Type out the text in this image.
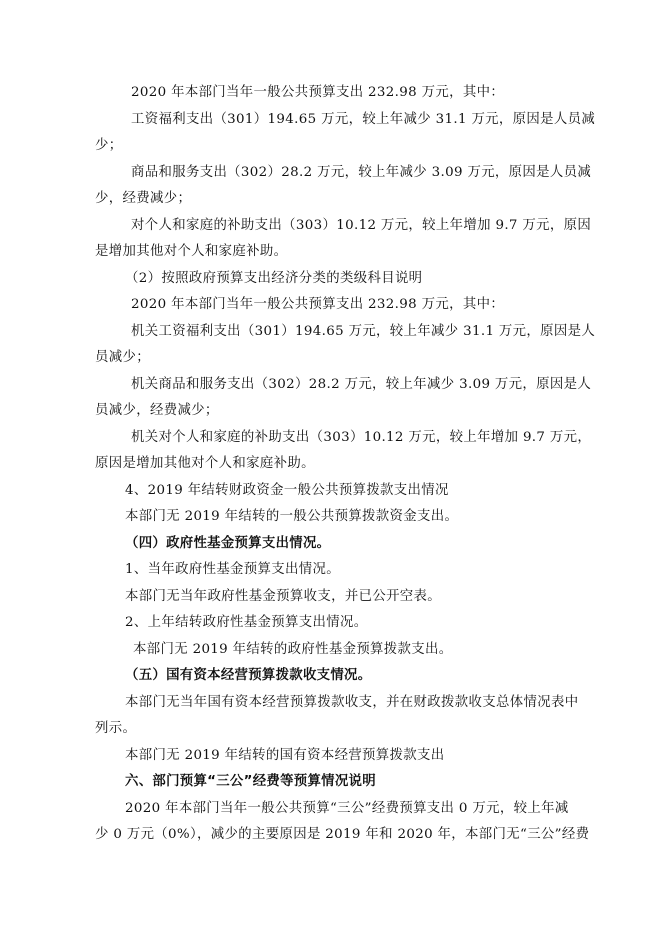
2020 年本部门当年一般公共预算支出 232.98 万元，其中：
工资福利支出（301）194.65 万元，较上年减少 31.1 万元，原因是人员减
少；
商品和服务支出（302）28.2 万元，较上年减少 3.09 万元，原因是人员减
少，经费减少；
对个人和家庭的补助支出（303）10.12 万元，较上年增加 9.7 万元，原因
是增加其他对个人和家庭补助。
（2）按照政府预算支出经济分类的类级科目说明
2020 年本部门当年一般公共预算支出 232.98 万元，其中：
机关工资福利支出（301）194.65 万元，较上年减少 31.1 万元，原因是人
员减少；
机关商品和服务支出（302）28.2 万元，较上年减少 3.09 万元，原因是人
员减少，经费减少；
机关对个人和家庭的补助支出（303）10.12 万元，较上年增加 9.7 万元，
原因是增加其他对个人和家庭补助。
4、2019 年结转财政资金一般公共预算拨款支出情况
本部门无 2019 年结转的一般公共预算拨款资金支出。
（四）政府性基金预算支出情况。
1、当年政府性基金预算支出情况。
本部门无当年政府性基金预算收支，并已公开空表。
2、上年结转政府性基金预算支出情况。
本部门无 2019 年结转的政府性基金预算拨款支出。
（五）国有资本经营预算拨款收支情况。
本部门无当年国有资本经营预算拨款收支，并在财政拨款收支总体情况表中
列示。
本部门无 2019 年结转的国有资本经营预算拨款支出
六、部门预算“三公”经费等预算情况说明
2020 年本部门当年一般公共预算“三公”经费预算支出 0 万元，较上年减
少 0 万元（0%），减少的主要原因是 2019 年和 2020 年，本部门无“三公”经费
